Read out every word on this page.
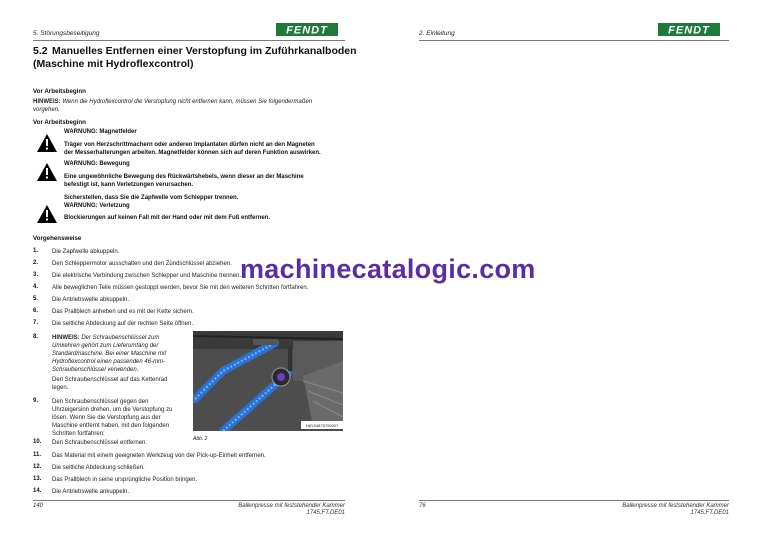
5. Störungsbeseitigung	FENDT
5.2 Manuelles Entfernen einer Verstopfung im Zuführkanalboden
(Maschine mit Hydroflexcontrol)
Vor Arbeitsbeginn
HINWEIS: Wenn die Hydroflexcontrol die Verstopfung nicht entfernen kann, müssen Sie folgendermaßen
vorgehen.
Vor Arbeitsbeginn
WARNUNG: Magnetfelder
Träger von Herzschrittmachern oder anderen Implantaten dürfen nicht an den Magneten
der Messerhalterungen arbeiten. Magnetfelder können sich auf deren Funktion auswirken.
WARNUNG: Bewegung
Eine ungewöhnliche Bewegung des Rückwärtshebels, wenn dieser an der Maschine
befestigt ist, kann Verletzungen verursachen.
Sicherstellen, dass Sie die Zapfwelle vom Schlepper trennen.
WARNUNG: Verletzung
Blockierungen auf keinen Fall mit der Hand oder mit dem Fuß entfernen.
Vorgehensweise
1. Die Zapfwelle abkuppeln.
2. Den Schleppermotor ausschalten und den Zündschlüssel abziehen.
3. Die elektrische Verbindung zwischen Schlepper und Maschine trennen.
4. Alle beweglichen Teile müssen gestoppt werden, bevor Sie mit den weiteren Schritten fortfahren.
5. Die Antriebswelle abkuppeln.
6. Das Prallblech anheben und es mit der Kette sichern.
7. Die seitliche Abdeckung auf der rechten Seite öffnen.
8. HINWEIS: Der Schraubenschlüssel zum
Umkehren gehört zum Lieferumfang der
Standardmaschine. Bei einer Maschine mit
Hydroflexcontrol einen passenden 46-mm-
Schraubenschlüssel verwenden.
Den Schraubenschlüssel auf das Kettenrad
legen.
9. Den Schraubenschlüssel gegen den
Uhrzeigersinn drehen, um die Verstopfung zu
lösen. Wenn Sie die Verstopfung aus der
Maschine entfernt haben, mit den folgenden
Schritten fortfahren:
HAY04875700907
Abb. 2
10. Den Schraubenschlüssel entfernen.
11. Das Material mit einem geeigneten Werkzeug von der Pick-up-Einheit entfernen.
12. Die seitliche Abdeckung schließen.
13. Das Prallblech in seine ursprüngliche Position bringen.
14. Die Antriebswelle ankuppeln.
140	Ballenpresse mit feststehender Kammer
1745.FT.DE01
2. Einleitung	FENDT
76	Ballenpresse mit feststehender Kammer
1745.FT.DE01
machinecatalogic.com
